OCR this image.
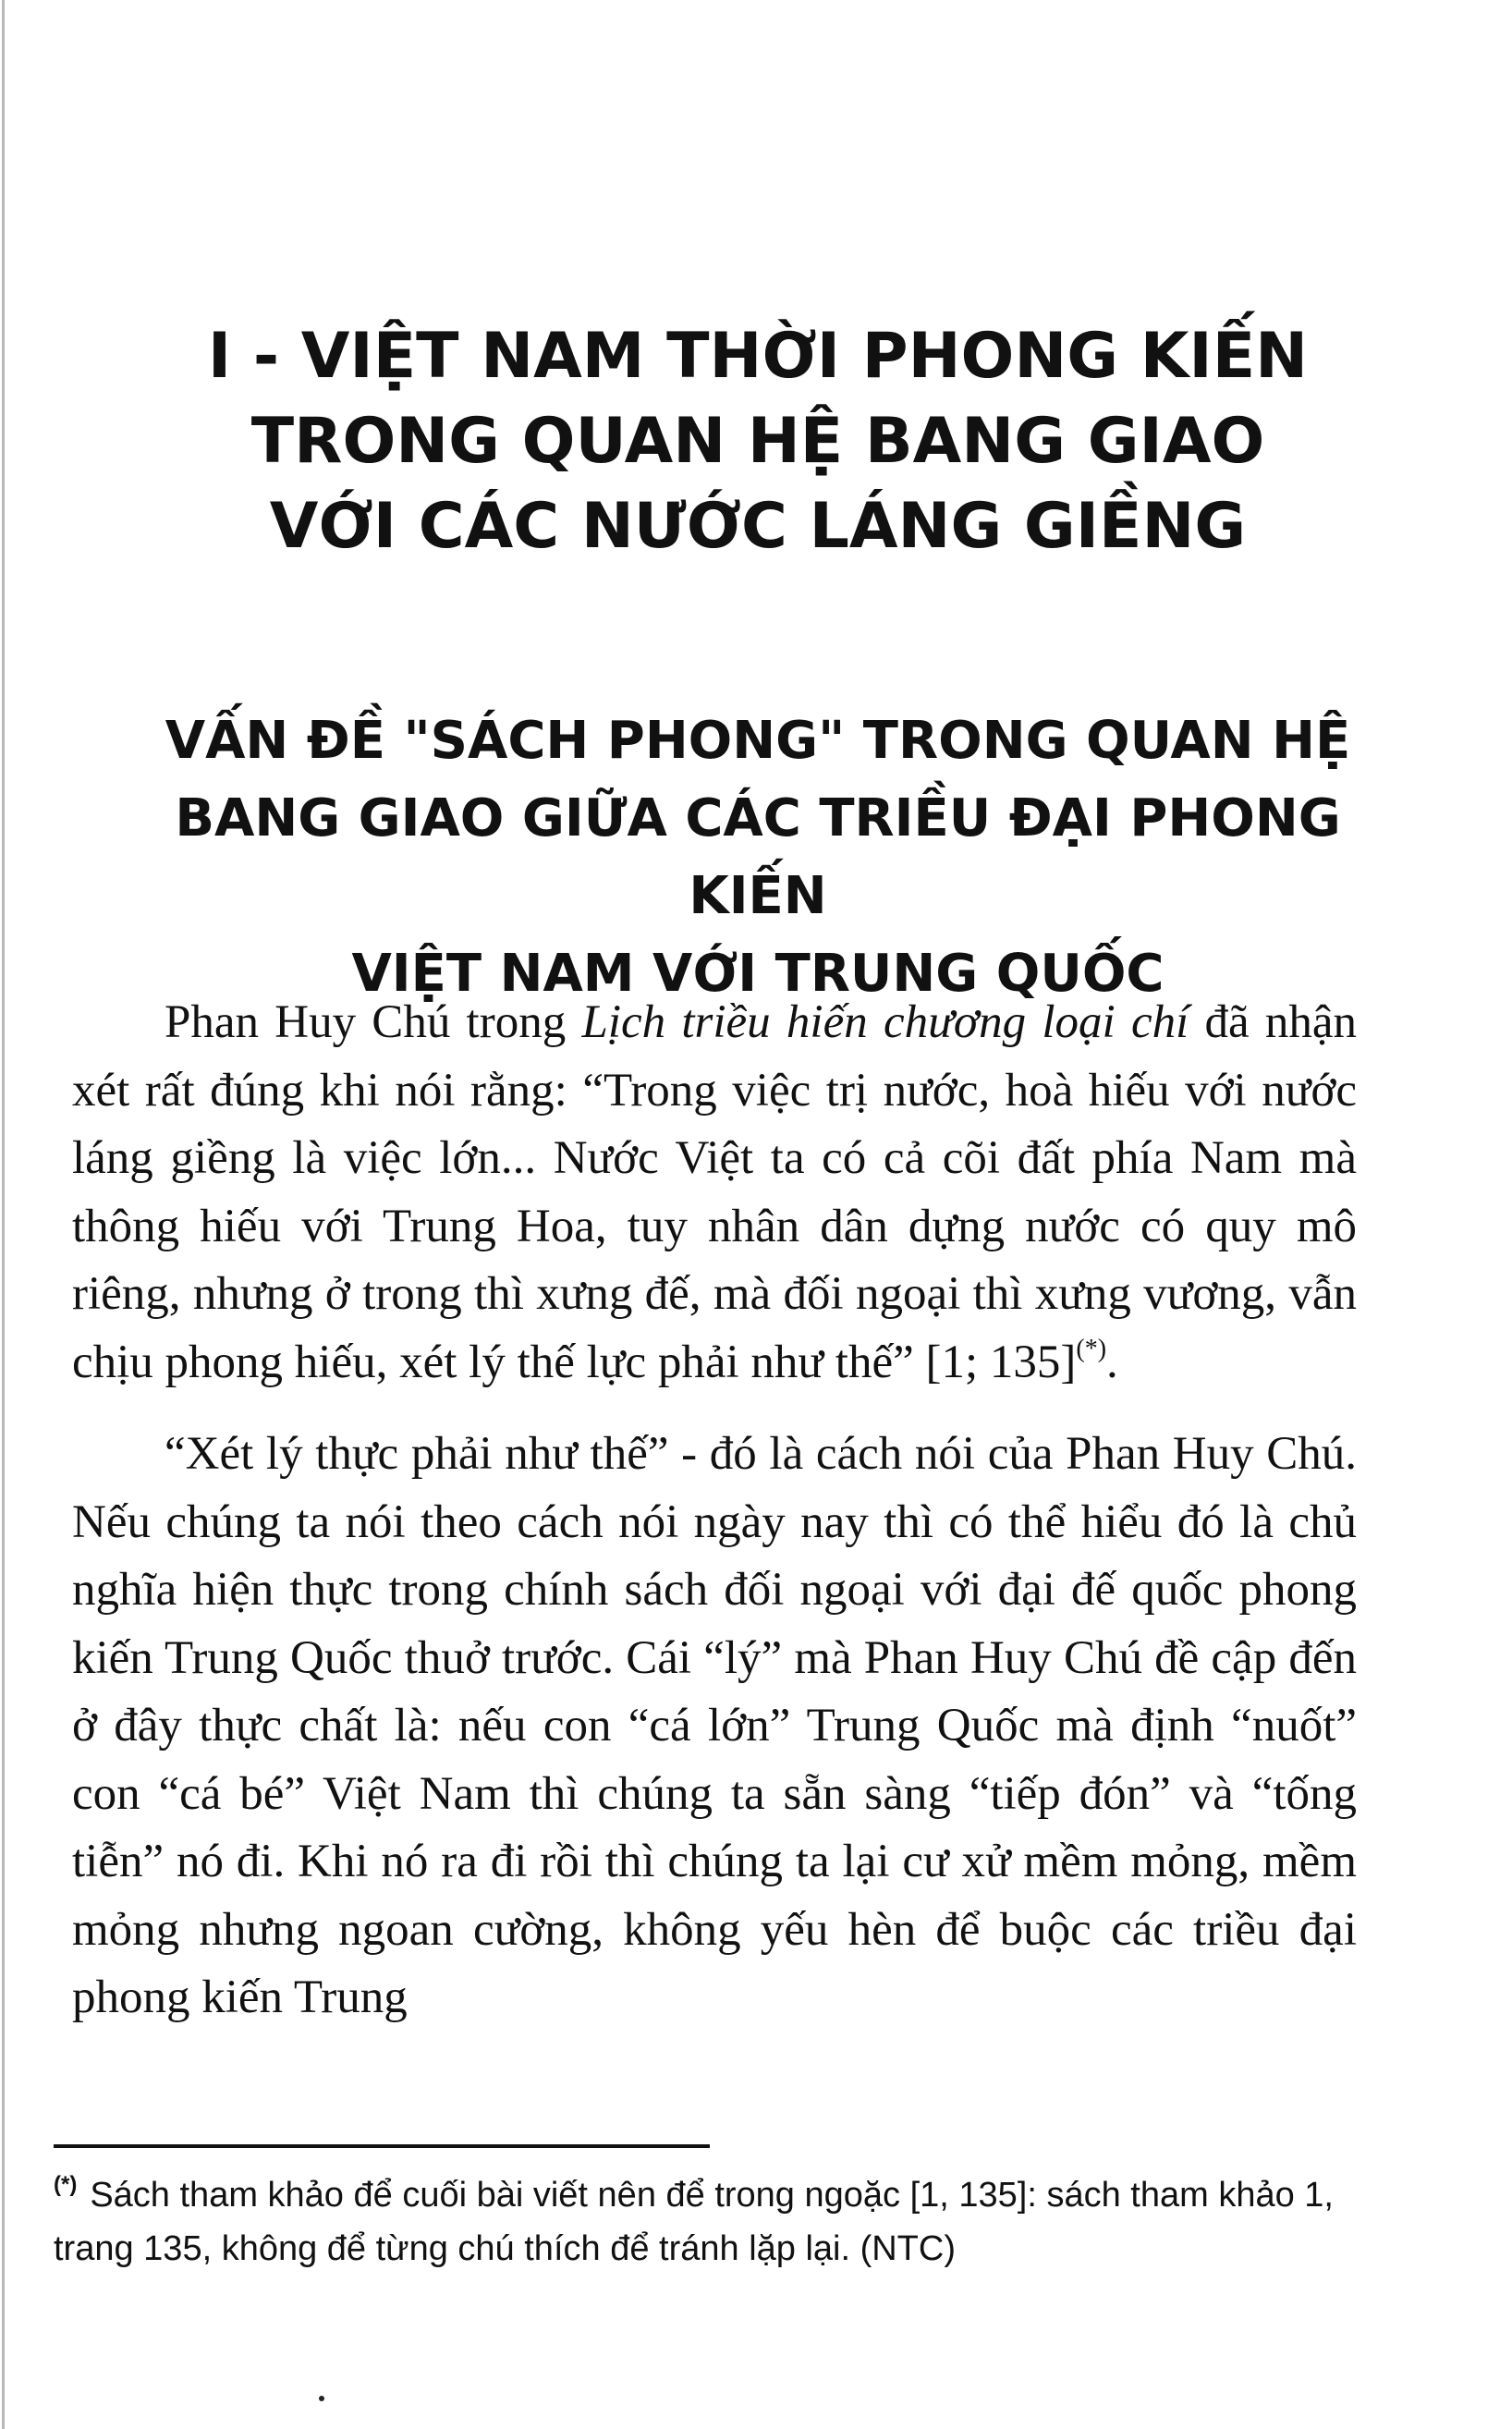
I - VIỆT NAM THỜI PHONG KIẾN
TRONG QUAN HỆ BANG GIAO
VỚI CÁC NƯỚC LÁNG GIỀNG
VẤN ĐỀ "SÁCH PHONG" TRONG QUAN HỆ
BANG GIAO GIỮA CÁC TRIỀU ĐẠI PHONG KIẾN
VIỆT NAM VỚI TRUNG QUỐC

Phan Huy Chú trong Lịch triều hiến chương loại chí đã nhận xét rất đúng khi nói rằng: “Trong việc trị nước, hoà hiếu với nước láng giềng là việc lớn... Nước Việt ta có cả cõi đất phía Nam mà thông hiếu với Trung Hoa, tuy nhân dân dựng nước có quy mô riêng, nhưng ở trong thì xưng đế, mà đối ngoại thì xưng vương, vẫn chịu phong hiếu, xét lý thế lực phải như thế” [1; 135](*).

“Xét lý thực phải như thế” - đó là cách nói của Phan Huy Chú. Nếu chúng ta nói theo cách nói ngày nay thì có thể hiểu đó là chủ nghĩa hiện thực trong chính sách đối ngoại với đại đế quốc phong kiến Trung Quốc thuở trước. Cái “lý” mà Phan Huy Chú đề cập đến ở đây thực chất là: nếu con “cá lớn” Trung Quốc mà định “nuốt” con “cá bé” Việt Nam thì chúng ta sẵn sàng “tiếp đón” và “tống tiễn” nó đi. Khi nó ra đi rồi thì chúng ta lại cư xử mềm mỏng, mềm mỏng nhưng ngoan cường, không yếu hèn để buộc các triều đại phong kiến Trung

(*) Sách tham khảo để cuối bài viết nên để trong ngoặc [1, 135]: sách tham khảo 1, trang 135, không để từng chú thích để tránh lặp lại. (NTC)
